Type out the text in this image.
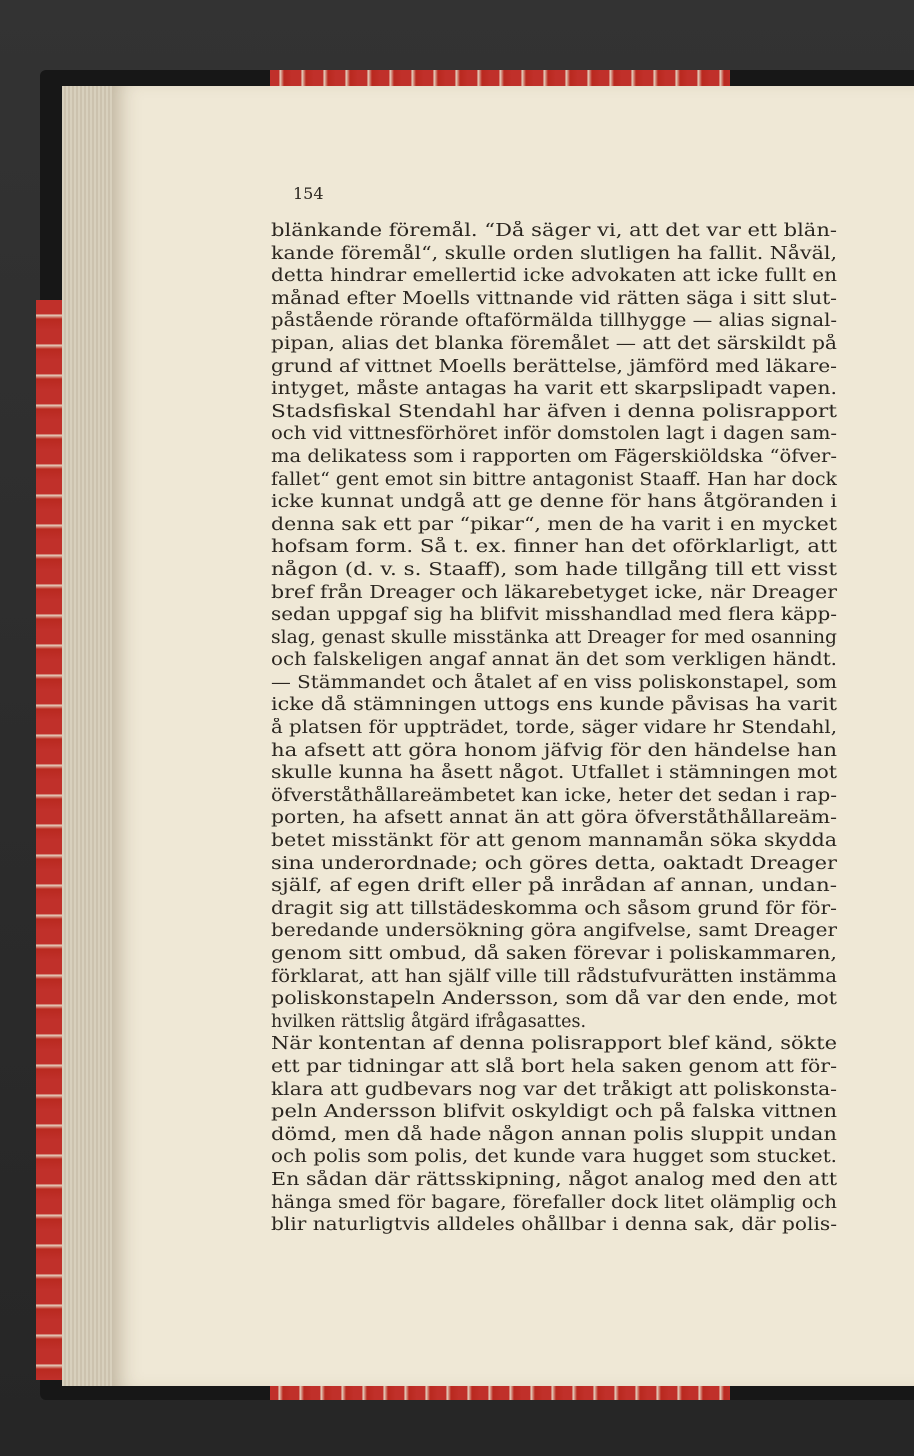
154
blänkande föremål. “Då säger vi, att det var ett blän-
kande föremål“, skulle orden slutligen ha fallit. Nåväl,
detta hindrar emellertid icke advokaten att icke fullt en
månad efter Moells vittnande vid rätten säga i sitt slut-
påstående rörande oftaförmälda tillhygge — alias signal-
pipan, alias det blanka föremålet — att det särskildt på
grund af vittnet Moells berättelse, jämförd med läkare-
intyget, måste antagas ha varit ett skarpslipadt vapen.
Stadsfiskal Stendahl har äfven i denna polisrapport
och vid vittnesförhöret inför domstolen lagt i dagen sam-
ma delikatess som i rapporten om Fägerskiöldska “öfver-
fallet“ gent emot sin bittre antagonist Staaff. Han har dock
icke kunnat undgå att ge denne för hans åtgöranden i
denna sak ett par “pikar“, men de ha varit i en mycket
hofsam form. Så t. ex. finner han det oförklarligt, att
någon (d. v. s. Staaff), som hade tillgång till ett visst
bref från Dreager och läkarebetyget icke, när Dreager
sedan uppgaf sig ha blifvit misshandlad med flera käpp-
slag, genast skulle misstänka att Dreager for med osanning
och falskeligen angaf annat än det som verkligen händt.
— Stämmandet och åtalet af en viss poliskonstapel, som
icke då stämningen uttogs ens kunde påvisas ha varit
å platsen för uppträdet, torde, säger vidare hr Stendahl,
ha afsett att göra honom jäfvig för den händelse han
skulle kunna ha åsett något. Utfallet i stämningen mot
öfverståthållareämbetet kan icke, heter det sedan i rap-
porten, ha afsett annat än att göra öfverståthållareäm-
betet misstänkt för att genom mannamån söka skydda
sina underordnade; och göres detta, oaktadt Dreager
själf, af egen drift eller på inrådan af annan, undan-
dragit sig att tillstädeskomma och såsom grund för för-
beredande undersökning göra angifvelse, samt Dreager
genom sitt ombud, då saken förevar i poliskammaren,
förklarat, att han själf ville till rådstufvurätten instämma
poliskonstapeln Andersson, som då var den ende, mot
hvilken rättslig åtgärd ifrågasattes.
När kontentan af denna polisrapport blef känd, sökte
ett par tidningar att slå bort hela saken genom att för-
klara att gudbevars nog var det tråkigt att poliskonsta-
peln Andersson blifvit oskyldigt och på falska vittnen
dömd, men då hade någon annan polis sluppit undan
och polis som polis, det kunde vara hugget som stucket.
En sådan där rättsskipning, något analog med den att
hänga smed för bagare, förefaller dock litet olämplig och
blir naturligtvis alldeles ohållbar i denna sak, där polis-
